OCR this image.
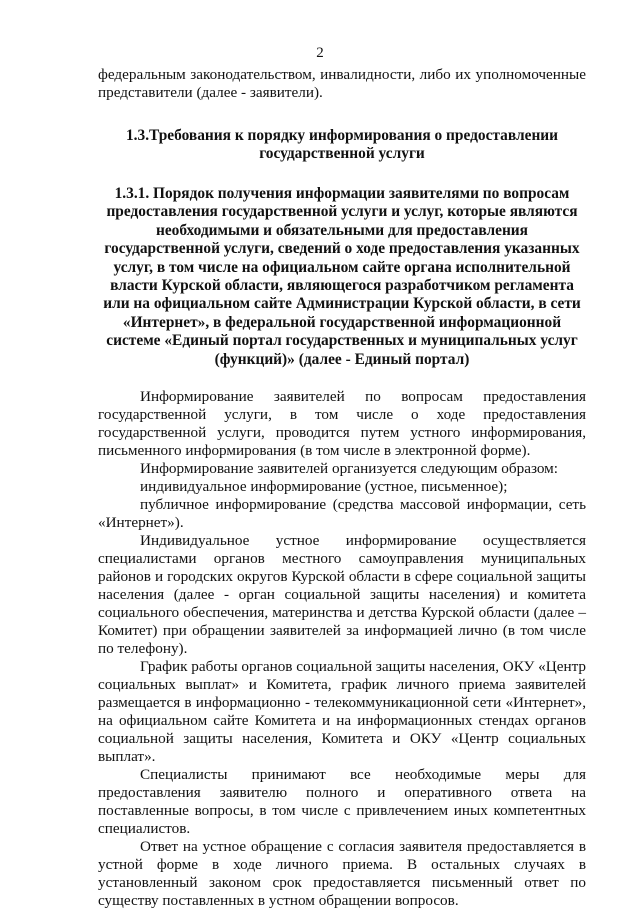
2

федеральным законодательством, инвалидности, либо их уполномоченные представители (далее - заявители).

1.3.Требования к порядку информирования о предоставлении государственной услуги

1.3.1. Порядок получения информации заявителями по вопросам предоставления государственной услуги и услуг, которые являются необходимыми и обязательными для предоставления государственной услуги, сведений о ходе предоставления указанных услуг, в том числе на официальном сайте органа исполнительной власти Курской области, являющегося разработчиком регламента или на официальном сайте Администрации Курской области, в сети «Интернет», в федеральной государственной информационной системе «Единый портал государственных и муниципальных услуг (функций)» (далее - Единый портал)

Информирование заявителей по вопросам предоставления государственной услуги, в том числе о ходе предоставления государственной услуги, проводится путем устного информирования, письменного информирования (в том числе в электронной форме).

Информирование заявителей организуется следующим образом:

индивидуальное информирование (устное, письменное);

публичное информирование (средства массовой информации, сеть «Интернет»).

Индивидуальное устное информирование осуществляется специалистами органов местного самоуправления муниципальных районов и городских округов Курской области в сфере социальной защиты населения (далее - орган социальной защиты населения) и комитета социального обеспечения, материнства и детства Курской области (далее – Комитет) при обращении заявителей за информацией лично (в том числе по телефону).

График работы органов социальной защиты населения, ОКУ «Центр социальных выплат» и Комитета, график личного приема заявителей размещается в информационно - телекоммуникационной сети «Интернет», на официальном сайте Комитета и на информационных стендах органов социальной защиты населения, Комитета и ОКУ «Центр социальных выплат».

Специалисты принимают все необходимые меры для предоставления заявителю полного и оперативного ответа на поставленные вопросы, в том числе с привлечением иных компетентных специалистов.

Ответ на устное обращение с согласия заявителя предоставляется в устной форме в ходе личного приема. В остальных случаях в установленный законом срок предоставляется письменный ответ по существу поставленных в устном обращении вопросов.
